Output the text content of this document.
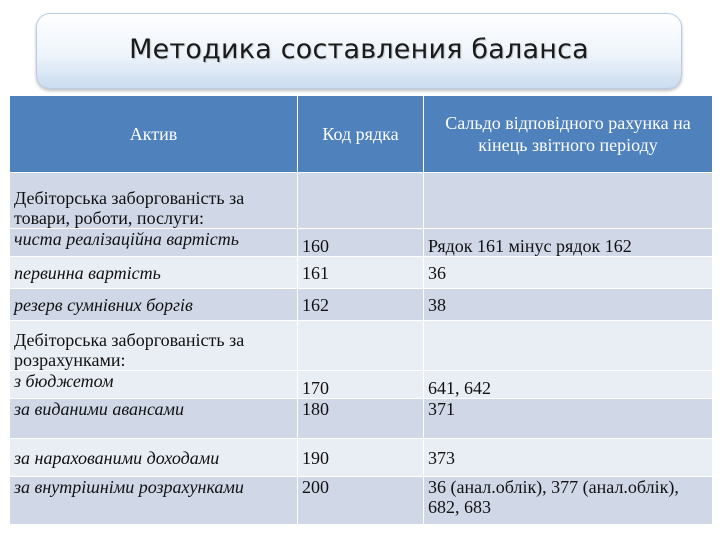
Методика составления баланса
Актив	Код рядка	Сальдо відповідного рахунка на кінець звітного періоду

Дебіторська заборгованість за
товари, роботи, послуги:		

чиста реалізаційна вартість	160	Рядок 161 мінус рядок 162
первинна вартість	161	36
резерв сумнівних боргів	162	38

Дебіторська заборгованість за
розрахунками:		

з бюджетом	170	641, 642
за виданими авансами	180	371
за нарахованими доходами	190	373
за внутрішніми розрахунками	200	36 (анал.облік), 377 (анал.облік),
682, 683
